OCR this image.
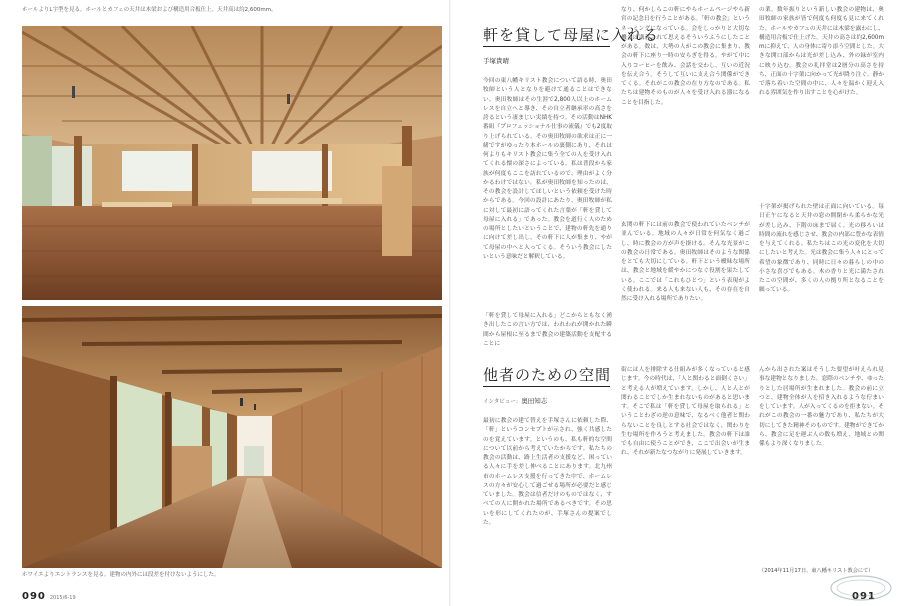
ホールよりL字型を見る。ホールとカフェの天井は木梁および構造用合板仕上。天井高は約2,600mm。
ホワイエよりエントランスを見る。建物の内外には段差を付けないようにした。
090 2015/6-19	091
軒を貸して母屋に入れる
手塚貴晴

今回の東八幡キリスト教会について語る時、奥田牧師という人となりを避けて通ることはできない。奥田牧師はその生涯で2,800人以上のホームレスを自立へと導き、その自立者継承率の高さを誇るという凄まじい実績を持つ。その活動はNHK番組『プロフェッショナル仕事の流儀』でも2度取り上げられている。その奥田牧師の欲求は正に一緒ですがゆったり本ホールの裏側にあり、それは何よりもキリスト教会に集う全ての人を受け入れてくれる懐の深さによっている。私は普段から家族が何度もここを訪れているので、理由がよく分かるわけではない。私が奥田牧師を知ったのは、その教会を設計してほしいという依頼を受けた時からである。今回の設計にあたり、奥田牧師が私に対して最初に語ってくれた言葉が「軒を貸して母屋に入れる」であった。教会を道行く人のための場所としたいということで、建物の軒先を通りに向けて差し出し、その軒下に人が集まり、やがて母屋の中へと入ってくる。そういう教会にしたいという意味だと解釈している。

「軒を貸して母屋に入れる」どこからともなく湧き出したこの言い方では、われわれが開かれた瞬間から屋根に至るまで教会の建築活動を支配することに

なり、何かしらこの軒にやらホームページやら新宮の記念日を行うことがある。「軒の教会」というネーミングになっている。会をしっかりと大切な機会は講義されて思えるそういうふうにしたことがある。数は、大勢の人がこの教会に集まり、教会の軒下に座り一時の安らぎを得る。やがて中に入りコーヒーを飲み、会話を交わし、互いの近況を伝え合う。そうして互いに支え合う関係ができてくる。それがこの教会の在り方なのである。私たちは建物そのものが人々を受け入れる器になることを目指した。

玄関の軒下には前の教会で使われていたベンチが並んでいる。地域の人々が日常を何気なく過ごし、時に教会の方が声を掛ける。そんな光景がこの教会の日常である。奥田牧師はそのような関係をとても大切にしている。軒下という曖昧な場所は、教会と地域を緩やかにつなぐ役割を果たしている。ここでは「これもひとつ」という表現がよく使われる。来る人も来ない人も、その存在を自然に受け入れる場所でありたい。

の業。数年振りという新しい教会の建物は、奥田牧師の家族が皆で何度も何度も見に来てくれた。ホールやカフェの天井には木梁を露わにし、構造用合板で仕上げた。天井の高さは約2,600mmに抑えて、人の身体に寄り添う空間とした。大きな開口部からは光が差し込み、外の緑が室内に映り込む。教会の礼拝堂は2層分の高さを持ち、正面の十字架に向かって光が降り注ぐ。静かで落ち着いた空間の中に、人々を温かく迎え入れる雰囲気を作り出すことを心がけた。

十字架が掲げられた壁は正面に向いている。毎日正午になると天井の窓の開閉から柔らかな光が差し込み、下階の床まで届く。光の移ろいは時間の流れを感じさせ、教会の内部に豊かな表情を与えてくれる。私たちはこの光の変化を大切にしたいと考えた。光は教会に集う人々にとって希望の象徴であり、同時に日々の暮らしの中の小さな喜びでもある。木の香りと光に満たされたこの空間が、多くの人の拠り所となることを願っている。

他者のための空間
インタビュー：奥田知志

最初に教会の建て替えを手塚さんに依頼した際、「軒」というコンセプトが示され、強く共感したのを覚えています。というのも、私も軒的な空間について以前から考えていたからです。私たちの教会の活動は、路上生活者の支援など、困っている人々に手を差し伸べることにあります。北九州市のホームレス支援を行ってきた中で、ホームレスの方々が安心して過ごせる場所が必要だと感じていました。教会は信者だけのものではなく、すべての人に開かれた場所であるべきです。その思いを形にしてくれたのが、手塚さんの提案でした。

街には人を排除する仕組みが多くなっていると感じます。今の時代は、「人と関わると面倒くさい」と考える人が増えています。しかし、人と人とが関わることでしか生まれないものがあると思います。そこで私は「軒を貸して母屋を取られる」ということわざの逆の意味で、なるべく他者と関わらないことを良しとする社会ではなく、関わりを生む場所を作ろうと考えました。教会の軒下は誰でも自由に使うことができ、ここで出会いが生まれ、それが新たなつながりに発展していきます。

んから出された案はそうした要望が叶えられ見事な建物となりました。窓際のベンチや、ゆったりとした居場所が生まれました。教会の前に立つと、建物全体が人を招き入れるような佇まいをしています。人が入ってくるのを拒まない。それがこの教会の一番の魅力であり、私たちが大切にしてきた精神そのものです。建物ができてから、教会に足を運ぶ人の数も増え、地域との関係もより深くなりました。

（2014年11月17日、東八幡キリスト教会にて）
